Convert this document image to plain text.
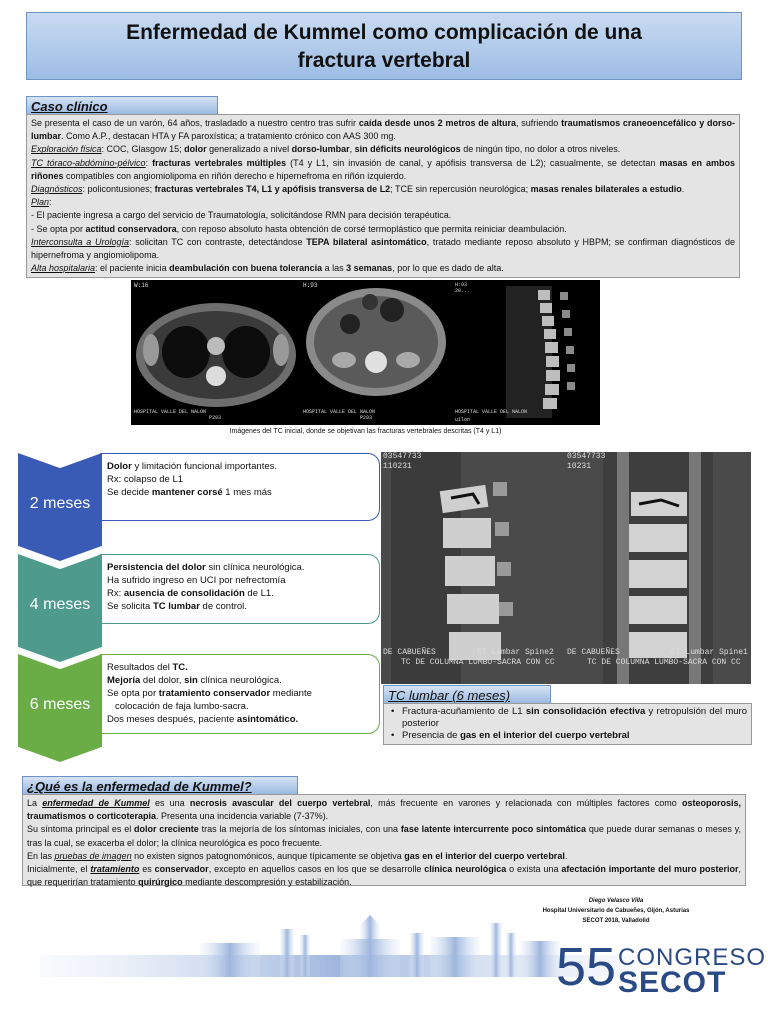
Enfermedad de Kummel como complicación de una
fractura vertebral
Caso clínico

Se presenta el caso de un varón, 64 años, trasladado a nuestro centro tras sufrir caída desde unos 2 metros de altura, sufriendo traumatismos craneoencefálico y dorso-lumbar. Como A.P., destacan HTA y FA paroxística; a tratamiento crónico con AAS 300 mg.

Exploración física: COC, Glasgow 15; dolor generalizado a nivel dorso-lumbar, sin déficits neurológicos de ningún tipo, no dolor a otros niveles.

TC tóraco-abdómino-pélvico: fracturas vertebrales múltiples (T4 y L1, sin invasión de canal, y apófisis transversa de L2); casualmente, se detectan masas en ambos riñones compatibles con angiomiolipoma en riñón derecho e hipernefroma en riñón izquierdo.

Diagnósticos: policontusiones; fracturas vertebrales T4, L1 y apófisis transversa de L2; TCE sin repercusión neurológica; masas renales bilaterales a estudio.

Plan:

- El paciente ingresa a cargo del servicio de Traumatología, solicitándose RMN para decisión terapéutica.

- Se opta por actitud conservadora, con reposo absoluto hasta obtención de corsé termoplástico que permita reiniciar deambulación.

Interconsulta a Urología: solicitan TC con contraste, detectándose TEPA bilateral asintomático, tratado mediante reposo absoluto y HBPM; se confirman diagnósticos de hipernefroma y angiomiolipoma.

Alta hospitalaria: el paciente inicia deambulación con buena tolerancia a las 3 semanas, por lo que es dado de alta.

W:16
HOSPITAL VALLE DEL NALON
P293
H:93
HOSPITAL VALLE DEL NALON
P293
H:93
20...
HOSPITAL VALLE DEL NALON
uilon
Imágenes del TC inicial, donde se objetivan las fracturas vertebrales descritas (T4 y L1)

Dolor y limitación funcional importantes.

Rx: colapso de L1

Se decide mantener corsé 1 mes más

2 meses

Persistencia del dolor sin clínica neurológica.

Ha sufrido ingreso en UCI por nefrectomía

Rx: ausencia de consolidación de L1.

Se solicita TC lumbar de control.

4 meses

Resultados del TC.

Mejoría del dolor, sin clínica neurológica.

Se opta por tratamiento conservador mediante

colocación de faja lumbo-sacra.

Dos meses después, paciente asintomático.

6 meses
03547733
110231
DE CABUEÑES	CT Lumbar Spine2
TC DE COLUMNA LUMBO-SACRA CON CC
03547733
10231
DE CABUEÑES	CT Lumbar Spine1
TC DE COLUMNA LUMBO-SACRA CON CC
TC lumbar (6 meses)
• Fractura-acuñamiento de L1 sin consolidación efectiva y retropulsión del muro posterior
• Presencia de gas en el interior del cuerpo vertebral
¿Qué es la enfermedad de Kummel?

La enfermedad de Kummel es una necrosis avascular del cuerpo vertebral, más frecuente en varones y relacionada con múltiples factores como osteoporosis, traumatismos o corticoterapia. Presenta una incidencia variable (7-37%).

Su síntoma principal es el dolor creciente tras la mejoría de los síntomas iniciales, con una fase latente intercurrente poco sintomática que puede durar semanas o meses y, tras la cual, se exacerba el dolor; la clínica neurológica es poco frecuente.

En las pruebas de imagen no existen signos patognomónicos, aunque típicamente se objetiva gas en el interior del cuerpo vertebral.

Inicialmente, el tratamiento es conservador, excepto en aquellos casos en los que se desarrolle clínica neurológica o exista una afectación importante del muro posterior, que requerirían tratamiento quirúrgico mediante descompresión y estabilización.

Diego Velasco Villa
Hospital Universitario de Cabueñes, Gijón, Asturias
SECOT 2018, Valladolid
55 CONGRESO
SECOT
